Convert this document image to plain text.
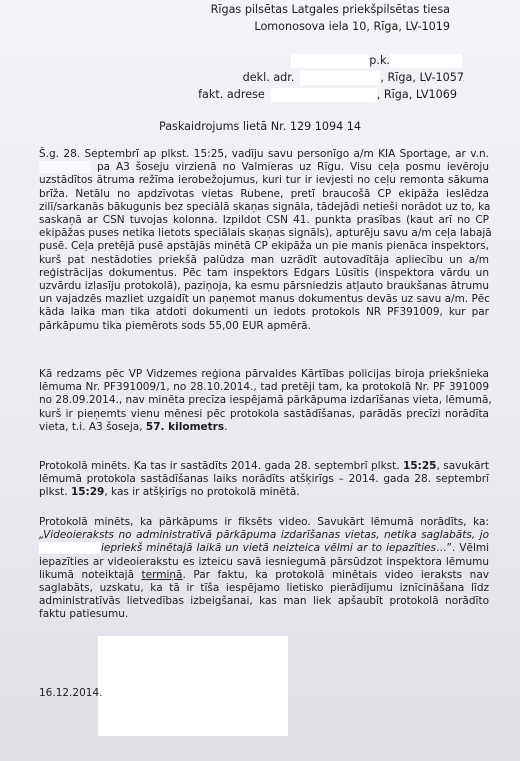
Rīgas pilsētas Latgales priekšpilsētas tiesa
Lomonosova iela 10, Rīga, LV-1019
p.k.
dekl. adr.	, Rīga, LV-1057
fakt. adrese	, Rīga, LV1069
Paskaidrojums lietā Nr. 129 1094 14
Š.g. 28. Septembrī ap plkst. 15:25, vadīju savu personīgo a/m KIA Sportage, ar v.n.
pa A3 šoseju virzienā no Valmieras uz Rīgu. Visu ceļa posmu ievēroju
uzstādītos ātruma režīma ierobežojumus, kuri tur ir ievjesti no ceļu remonta sākuma
brīža. Netālu no apdzīvotas vietas Rubene, pretī braucošā CP ekipāža ieslēdza
zilī/sarkanās bākugunis bez speciālā skaņas signāla, tādejādi netieši norādot uz to, ka
saskaņā ar CSN tuvojas kolonna. Izpildot CSN 41. punkta prasības (kaut arī no CP
ekipāžas puses netika lietots speciālais skaņas signāls), apturēju savu a/m ceļa labajā
pusē. Ceļa pretējā pusē apstājās minētā CP ekipāža un pie manis pienāca inspektors,
kurš pat nestādoties priekšā palūdza man uzrādīt autovadītāja apliecību un a/m
reģistrācijas dokumentus. Pēc tam inspektors Edgars Lūsītis (inspektora vārdu un
uzvārdu izlasīju protokolā), paziņoja, ka esmu pārsniedzis atļauto braukšanas ātrumu
un vajadzēs mazliet uzgaidīt un paņemot manus dokumentus devās uz savu a/m. Pēc
kāda laika man tika atdoti dokumenti un iedots protokols NR PF391009, kur par
pārkāpumu tika piemērots sods 55,00 EUR apmērā.
Kā redzams pēc VP Vidzemes reģiona pārvaldes Kārtības policijas biroja priekšnieka
lēmuma Nr. PF391009/1, no 28.10.2014., tad pretēji tam, ka protokolā Nr. PF 391009
no 28.09.2014., nav minēta precīza iespējamā pārkāpuma izdarīšanas vieta, lēmumā,
kurš ir pieņemts vienu mēnesi pēc protokola sastādīšanas, parādās precīzi norādīta
vieta, t.i. A3 šoseja, 57. kilometrs.
Protokolā minēts. Ka tas ir sastādīts 2014. gada 28. septembrī plkst. 15:25, savukārt
lēmumā protokola sastādīšanas laiks norādīts atšķirīgs – 2014. gada 28. septembrī
plkst. 15:29, kas ir atšķirīgs no protokolā minētā.
Protokolā minēts, ka pārkāpums ir fiksēts video. Savukārt lēmumā norādīts, ka:
„Videoieraksts no administratīvā pārkāpuma izdarīšanas vietas, netika saglabāts, jo
iepriekš minētajā laikā un vietā neizteica vēlmi ar to iepazīties…”. Vēlmi
iepazīties ar videoierakstu es izteicu savā iesniegumā pārsūdzot inspektora lēmumu
likumā noteiktajā termiņā. Par faktu, ka protokolā minētais video ieraksts nav
saglabāts, uzskatu, ka tā ir tīša iespējamo lietisko pierādījumu iznīcināšana līdz
administratīvās lietvedības izbeigšanai, kas man liek apšaubīt protokolā norādīto
faktu patiesumu.
16.12.2014.
